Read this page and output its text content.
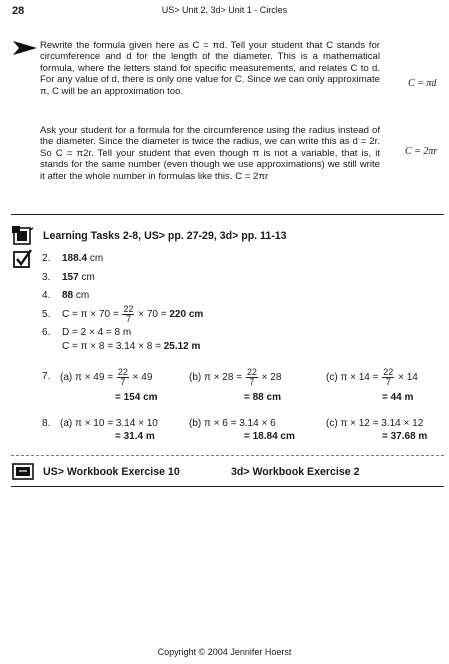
28	US> Unit 2, 3d> Unit 1 - Circles
Rewrite the formula given here as C = πd. Tell your student that C stands for circumference and d for the length of the diameter. This is a mathematical formula, where the letters stand for specific measurements, and relates C to d. For any value of d, there is only one value for C. Since we can only approximate π, C will be an approximation too.
Ask your student for a formula for the circumference using the radius instead of the diameter. Since the diameter is twice the radius, we can write this as d = 2r. So C = π2r. Tell your student that even though π is not a variable, that is, it stands for the same number (even though we use approximations) we still write it after the whole number in formulas like this. C = 2πr
C = πd
C = 2πr
Learning Tasks 2-8, US> pp. 27-29, 3d> pp. 11-13
2. 188.4 cm
3. 157 cm
4. 88 cm
5. $C = \pi \times 70 = \frac{22}{7} \times 70 = 220$ cm
6. D = 2 × 4 = 8 m
C = π × 8 = 3.14 × 8 = 25.12 m
7. (a) $\pi \times 49 = \frac{22}{7} \times 49$
= 154 cm
(b) $\pi \times 28 = \frac{22}{7} \times 28$
= 88 cm
(c) $\pi \times 14 = \frac{22}{7} \times 14$
= 44 m
8. (a) π × 10 = 3.14 × 10
= 31.4 m
(b) π × 6 = 3.14 × 6
= 18.84 cm
(c) π × 12 = 3.14 × 12
= 37.68 m
US> Workbook Exercise 10	3d> Workbook Exercise 2
Copyright © 2004 Jennifer Hoerst
